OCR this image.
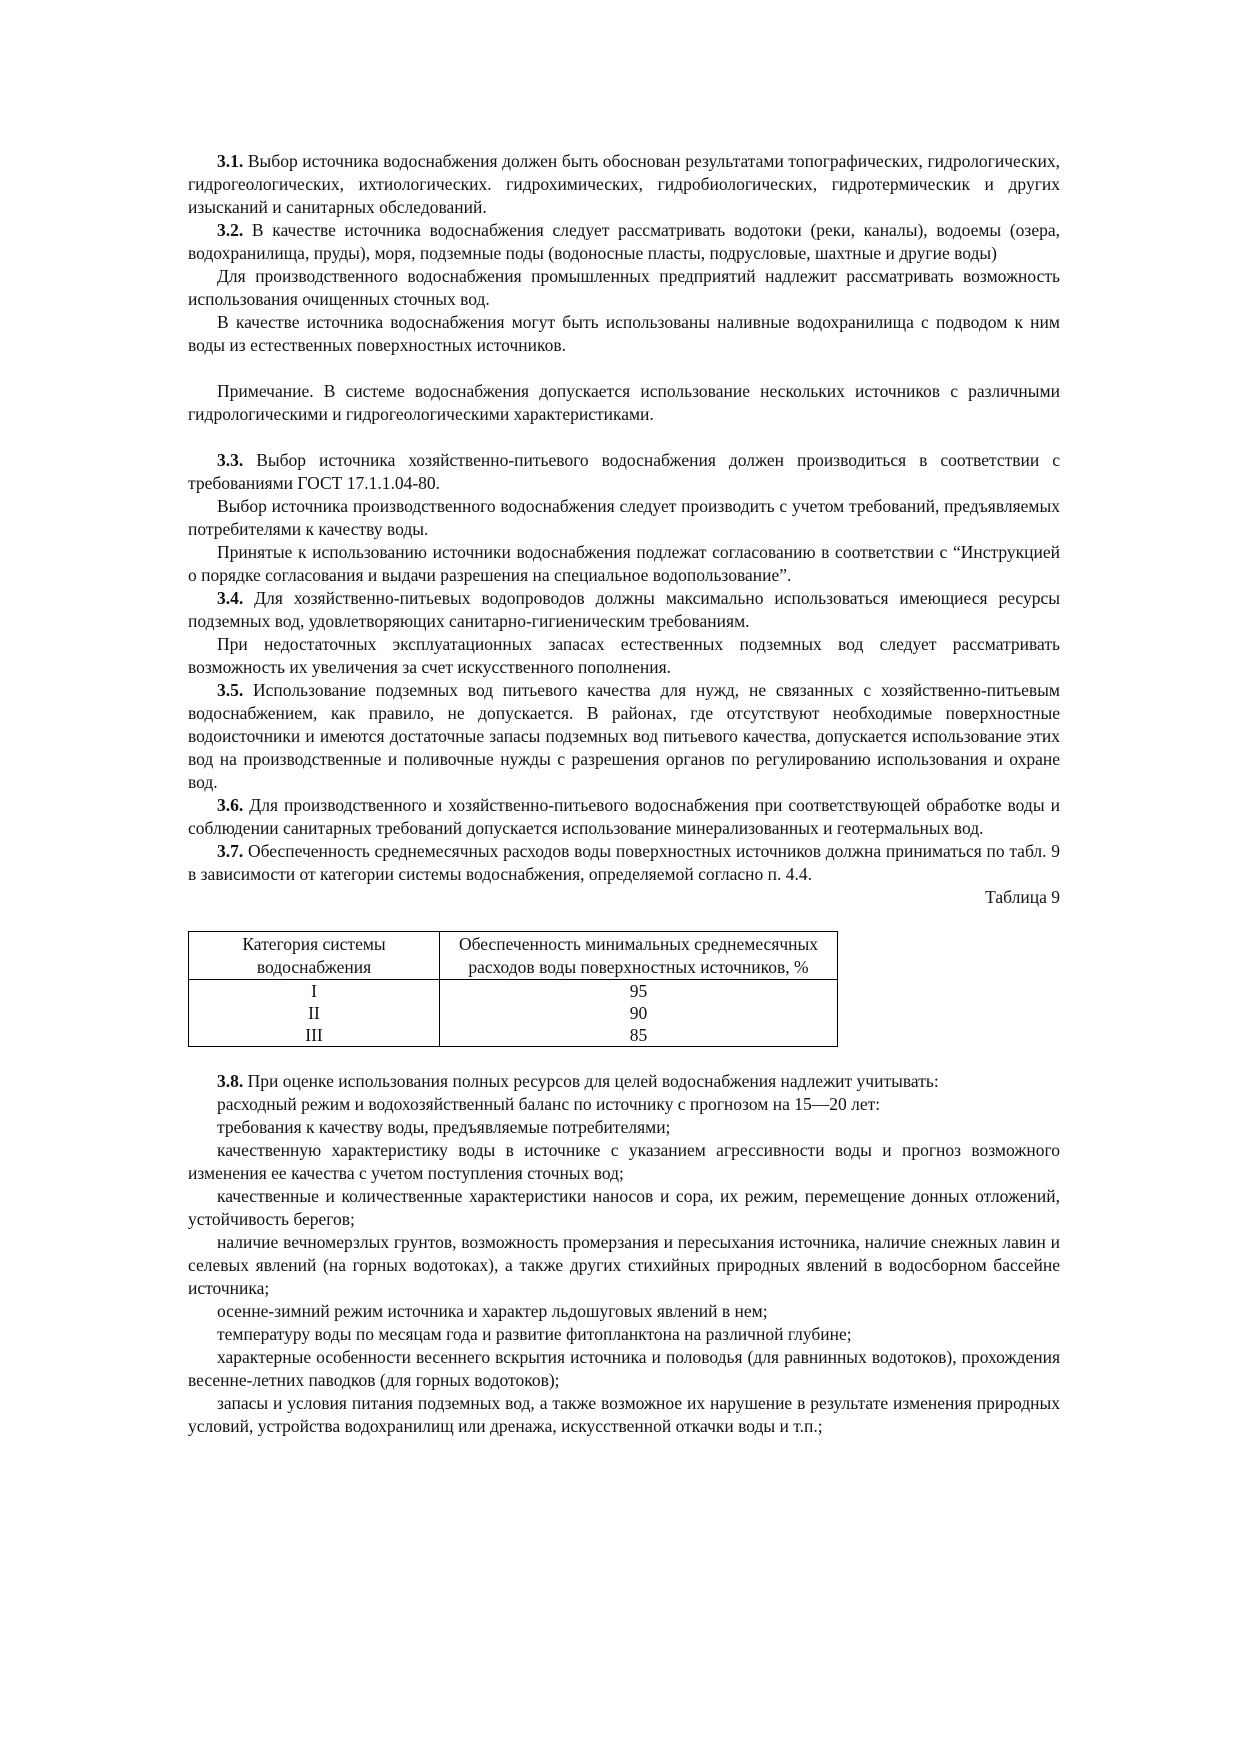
3.1. Выбор источника водоснабжения должен быть обоснован результатами топографических, гидрологических, гидрогеологических, ихтиологических. гидрохимических, гидробиологических, гидротермическик и других изысканий и санитарных обследований.

3.2. В качестве источника водоснабжения следует рассматривать водотоки (реки, каналы), водоемы (озера, водохранилища, пруды), моря, подземные поды (водоносные пласты, подрусловые, шахтные и другие воды)

Для производственного водоснабжения промышленных предприятий надлежит рассматривать возможность использования очищенных сточных вод.

В качестве источника водоснабжения могут быть использованы наливные водохранилища с подводом к ним воды из естественных поверхностных источников.

Примечание. В системе водоснабжения допускается использование нескольких источников с различными гидрологическими и гидрогеологическими характеристиками.

3.3. Выбор источника хозяйственно-питьевого водоснабжения должен производиться в соответствии с требованиями ГОСТ 17.1.1.04-80.

Выбор источника производственного водоснабжения следует производить с учетом требований, предъявляемых потребителями к качеству воды.

Принятые к использованию источники водоснабжения подлежат согласованию в соответствии с “Инструкцией о порядке согласования и выдачи разрешения на специальное водопользование”.

3.4. Для хозяйственно-питьевых водопроводов должны максимально использоваться имеющиеся ресурсы подземных вод, удовлетворяющих санитарно-гигиеническим требованиям.

При недостаточных эксплуатационных запасах естественных подземных вод следует рассматривать возможность их увеличения за счет искусственного пополнения.

3.5. Использование подземных вод питьевого качества для нужд, не связанных с хозяйственно-питьевым водоснабжением, как правило, не допускается. В районах, где отсутствуют необходимые поверхностные водоисточники и имеются достаточные запасы подземных вод питьевого качества, допускается использование этих вод на производственные и поливочные нужды с разрешения органов по регулированию использования и охране вод.

3.6. Для производственного и хозяйственно-питьевого водоснабжения при соответствующей обработке воды и соблюдении санитарных требований допускается использование минерализованных и геотермальных вод.

3.7. Обеспеченность среднемесячных расходов воды поверхностных источников должна приниматься по табл. 9 в зависимости от категории системы водоснабжения, определяемой согласно п. 4.4.

Таблица 9

Категория системы водоснабжения	Обеспеченность минимальных среднемесячных расходов воды поверхностных источников, %
I	95
II	90
III	85

3.8. При оценке использования полных ресурсов для целей водоснабжения надлежит учитывать:

расходный режим и водохозяйственный баланс по источнику с прогнозом на 15—20 лет:

требования к качеству воды, предъявляемые потребителями;

качественную характеристику воды в источнике с указанием агрессивности воды и прогноз возможного изменения ее качества с учетом поступления сточных вод;

качественные и количественные характеристики наносов и сора, их режим, перемещение донных отложений, устойчивость берегов;

наличие вечномерзлых грунтов, возможность промерзания и пересыхания источника, наличие снежных лавин и селевых явлений (на горных водотоках), а также других стихийных природных явлений в водосборном бассейне источника;

осенне-зимний режим источника и характер льдошуговых явлений в нем;

температуру воды по месяцам года и развитие фитопланктона на различной глубине;

характерные особенности весеннего вскрытия источника и половодья (для равнинных водотоков), прохождения весенне-летних паводков (для горных водотоков);

запасы и условия питания подземных вод, а также возможное их нарушение в результате изменения природных условий, устройства водохранилищ или дренажа, искусственной откачки воды и т.п.;
